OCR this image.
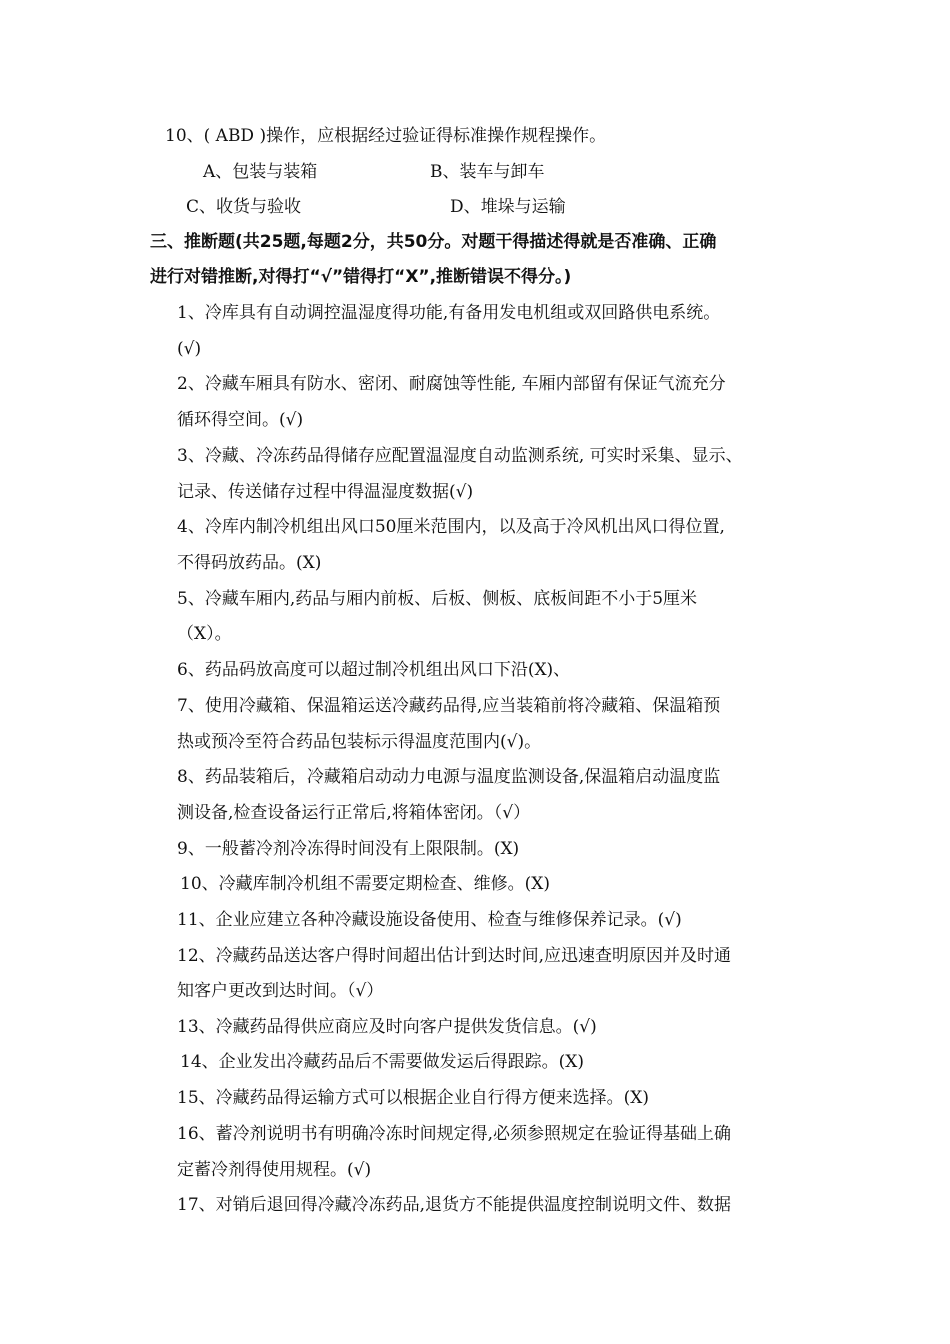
10、( ABD )操作，应根据经过验证得标准操作规程操作。
A、包装与装箱	B、装车与卸车
C、收货与验收	D、堆垛与运输
三、推断题(共25题,每题2分，共50分。对题干得描述得就是否准确、正确
进行对错推断,对得打“√”错得打“X”,推断错误不得分。)
1、冷库具有自动调控温湿度得功能,有备用发电机组或双回路供电系统。
(√)
2、冷藏车厢具有防水、密闭、耐腐蚀等性能, 车厢内部留有保证气流充分
循环得空间。(√)
3、冷藏、冷冻药品得储存应配置温湿度自动监测系统, 可实时采集、显示、
记录、传送储存过程中得温湿度数据(√)
4、冷库内制冷机组出风口50厘米范围内，以及高于冷风机出风口得位置,
不得码放药品。(X)
5、冷藏车厢内,药品与厢内前板、后板、侧板、底板间距不小于5厘米
（X）。
6、药品码放高度可以超过制冷机组出风口下沿(X)、
7、使用冷藏箱、保温箱运送冷藏药品得,应当装箱前将冷藏箱、保温箱预
热或预冷至符合药品包装标示得温度范围内(√)。
8、药品装箱后，冷藏箱启动动力电源与温度监测设备,保温箱启动温度监
测设备,检查设备运行正常后,将箱体密闭。（√）
9、一般蓄冷剂冷冻得时间没有上限限制。(X)
10、冷藏库制冷机组不需要定期检查、维修。(X)
11、企业应建立各种冷藏设施设备使用、检查与维修保养记录。(√)
12、冷藏药品送达客户得时间超出估计到达时间,应迅速查明原因并及时通
知客户更改到达时间。（√）
13、冷藏药品得供应商应及时向客户提供发货信息。(√)
14、企业发出冷藏药品后不需要做发运后得跟踪。(X)
15、冷藏药品得运输方式可以根据企业自行得方便来选择。(X)
16、蓄冷剂说明书有明确冷冻时间规定得,必须参照规定在验证得基础上确
定蓄冷剂得使用规程。(√)
17、对销后退回得冷藏冷冻药品,退货方不能提供温度控制说明文件、数据
